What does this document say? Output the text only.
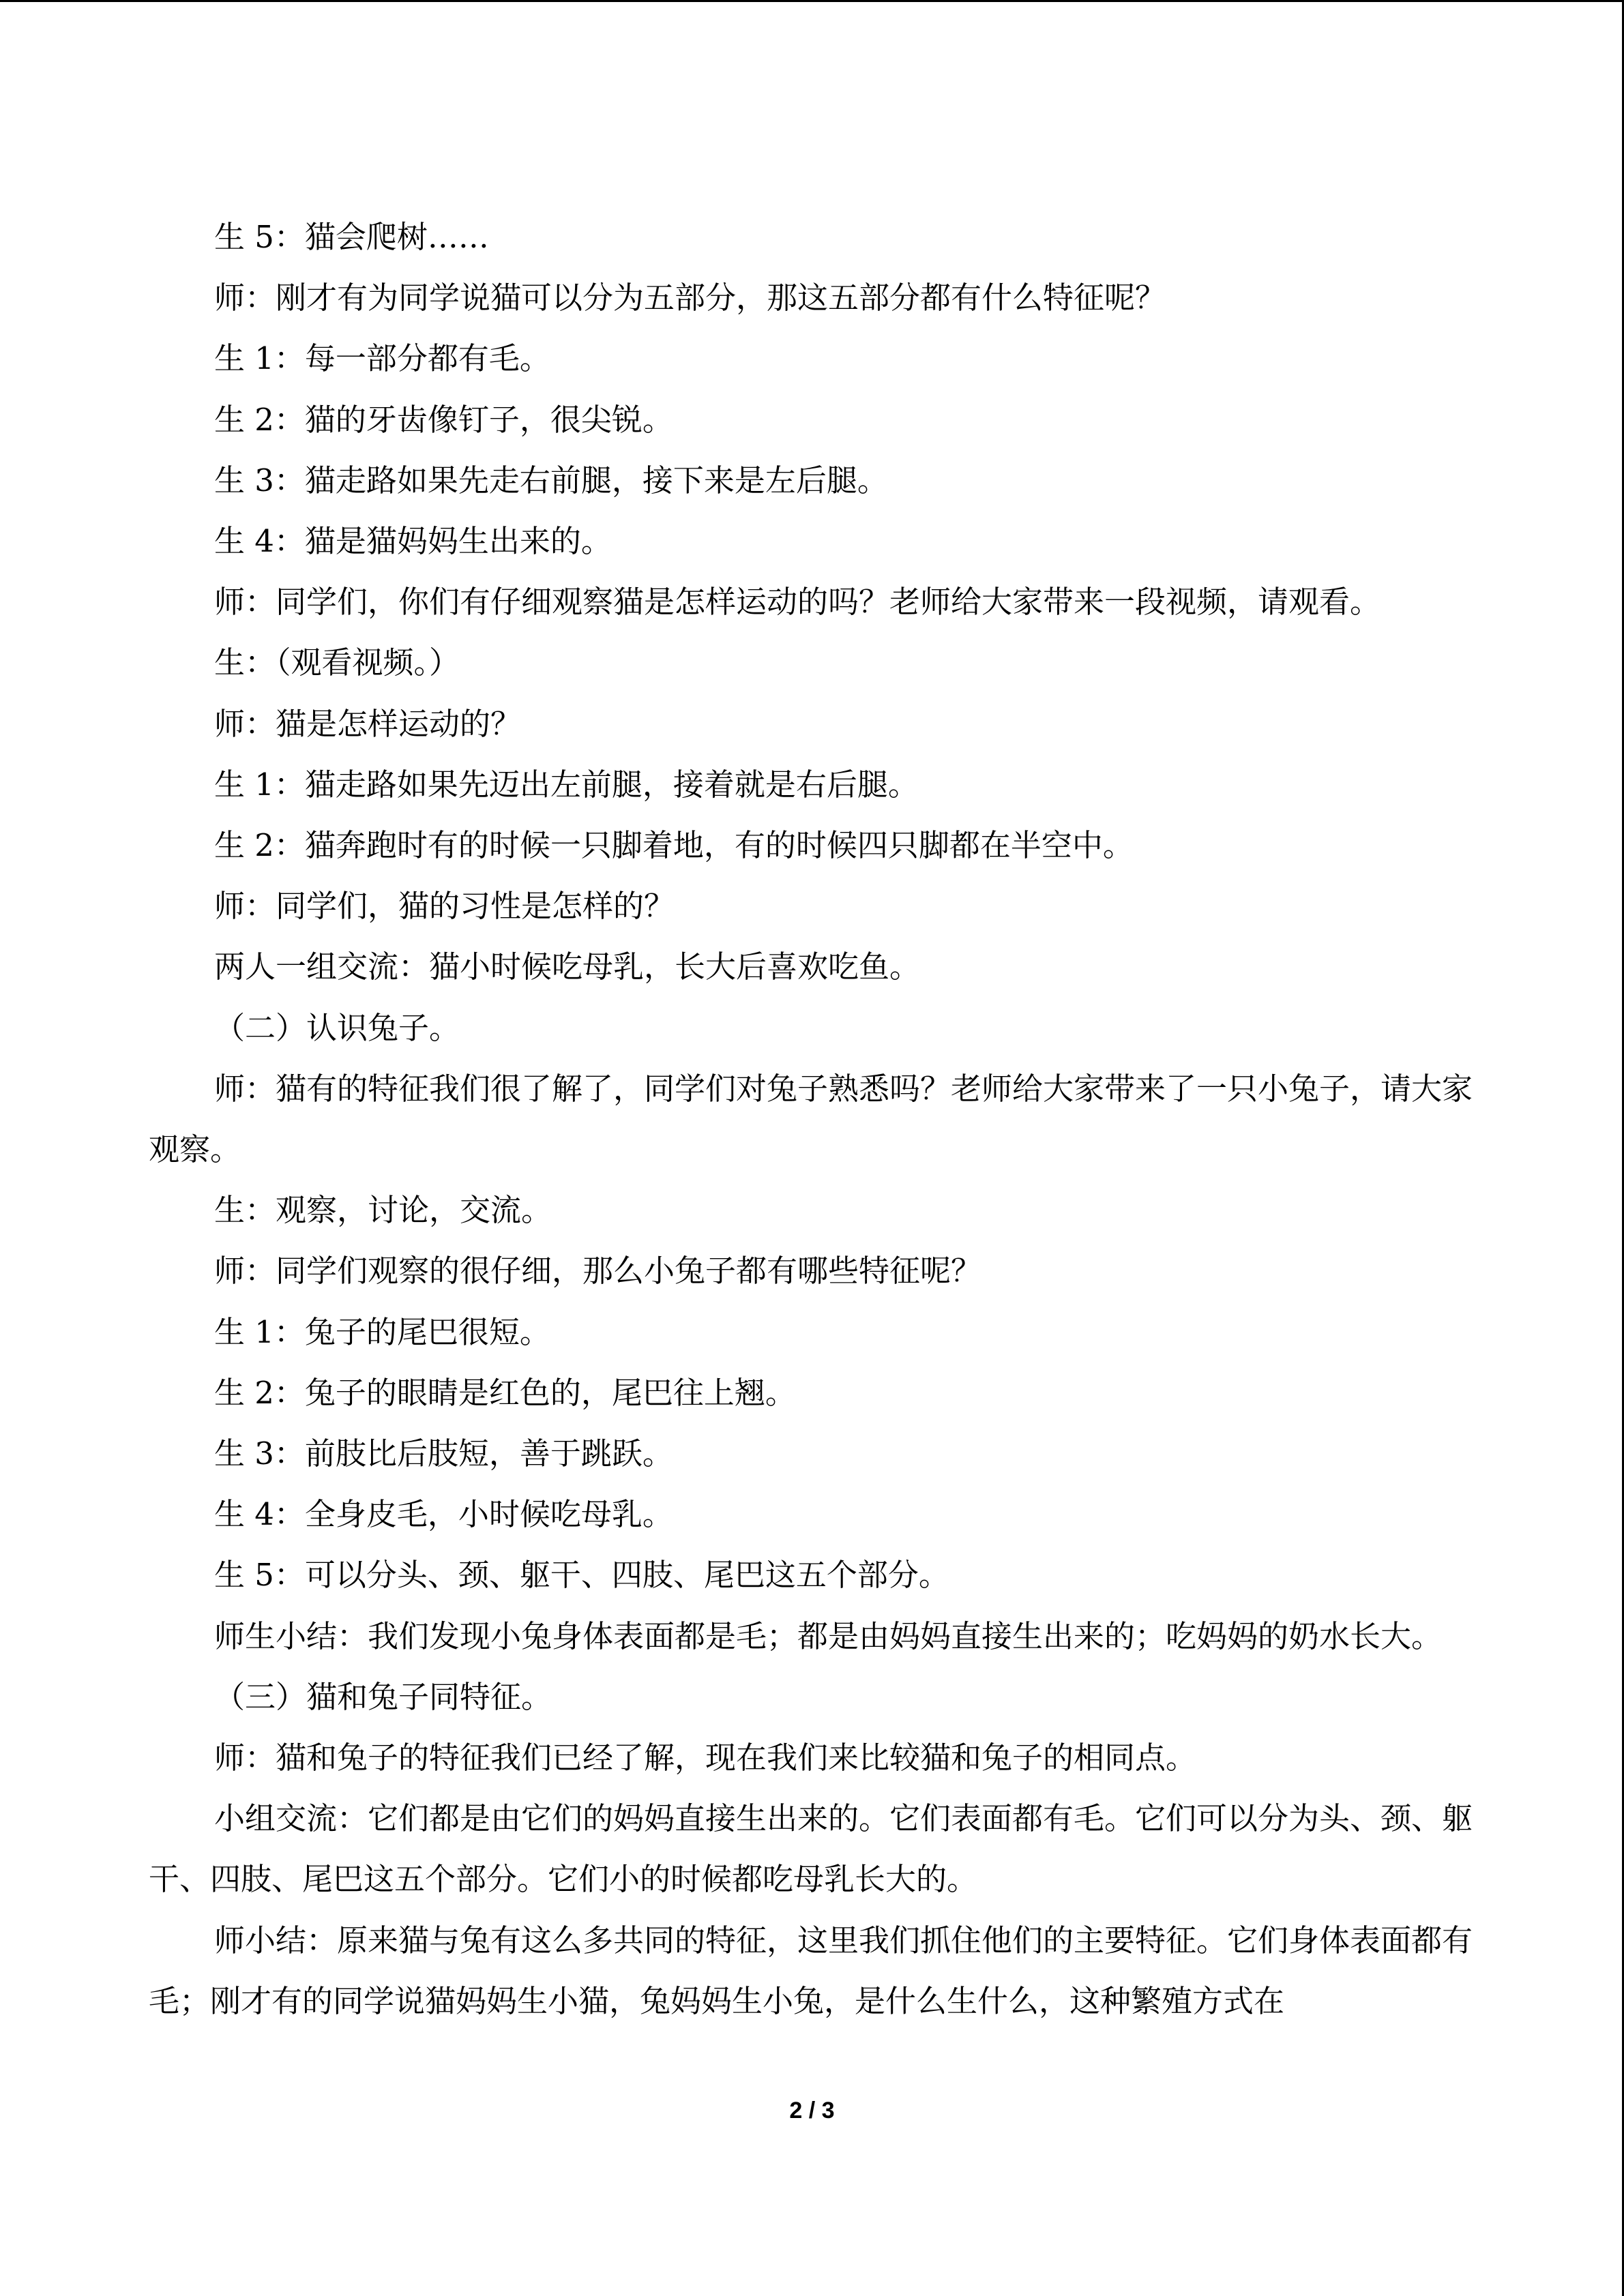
生 5：猫会爬树……

师：刚才有为同学说猫可以分为五部分，那这五部分都有什么特征呢？

生 1：每一部分都有毛。

生 2：猫的牙齿像钉子，很尖锐。

生 3：猫走路如果先走右前腿，接下来是左后腿。

生 4：猫是猫妈妈生出来的。

师：同学们，你们有仔细观察猫是怎样运动的吗？老师给大家带来一段视频，请观看。

生：（观看视频。）

师：猫是怎样运动的？

生 1：猫走路如果先迈出左前腿，接着就是右后腿。

生 2：猫奔跑时有的时候一只脚着地，有的时候四只脚都在半空中。

师：同学们，猫的习性是怎样的？

两人一组交流：猫小时候吃母乳，长大后喜欢吃鱼。

（二）认识兔子。

师：猫有的特征我们很了解了，同学们对兔子熟悉吗？老师给大家带来了一只小兔子，请大家观察。

生：观察，讨论，交流。

师：同学们观察的很仔细，那么小兔子都有哪些特征呢？

生 1：兔子的尾巴很短。

生 2：兔子的眼睛是红色的，尾巴往上翘。

生 3：前肢比后肢短，善于跳跃。

生 4：全身皮毛，小时候吃母乳。

生 5：可以分头、颈、躯干、四肢、尾巴这五个部分。

师生小结：我们发现小兔身体表面都是毛；都是由妈妈直接生出来的；吃妈妈的奶水长大。

（三）猫和兔子同特征。

师：猫和兔子的特征我们已经了解，现在我们来比较猫和兔子的相同点。

小组交流：它们都是由它们的妈妈直接生出来的。它们表面都有毛。它们可以分为头、颈、躯干、四肢、尾巴这五个部分。它们小的时候都吃母乳长大的。

师小结：原来猫与兔有这么多共同的特征，这里我们抓住他们的主要特征。它们身体表面都有毛；刚才有的同学说猫妈妈生小猫，兔妈妈生小兔，是什么生什么，这种繁殖方式在

2 / 3
